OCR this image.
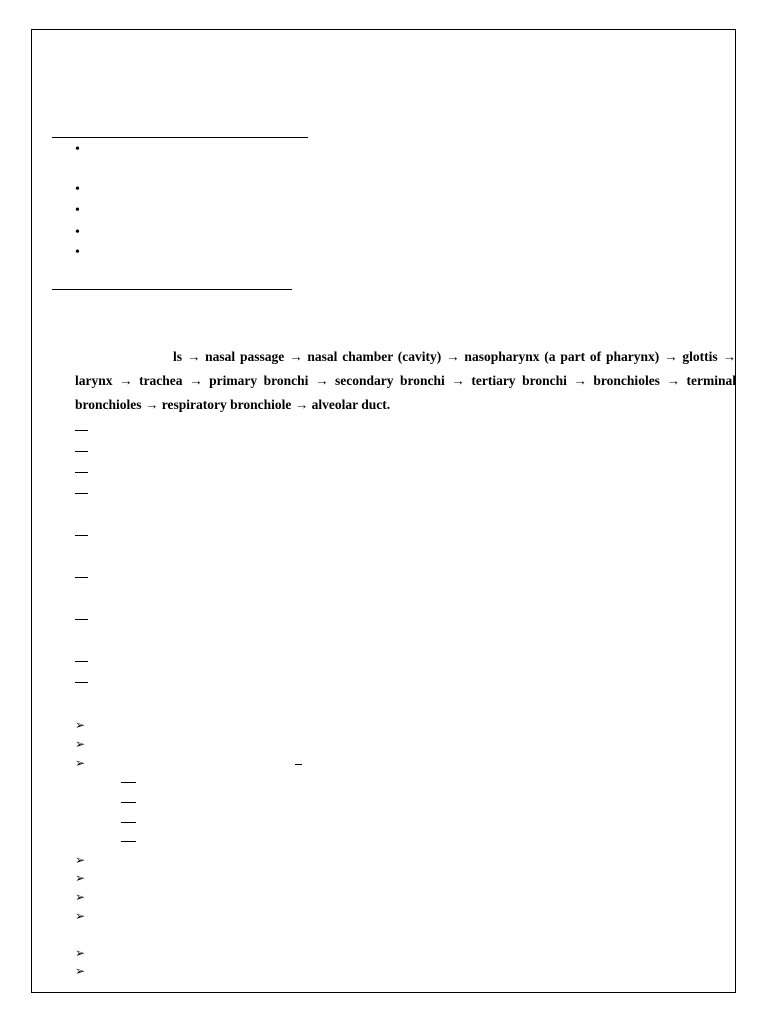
•
•
•
•
•
ls → nasal passage → nasal chamber (cavity) → nasopharynx (a part of pharynx) → glottis → larynx → trachea → primary bronchi → secondary bronchi → tertiary bronchi → bronchioles → terminal bronchioles → respiratory bronchiole → alveolar duct.
➢
➢
➢
➢
➢
➢
➢
➢
➢
